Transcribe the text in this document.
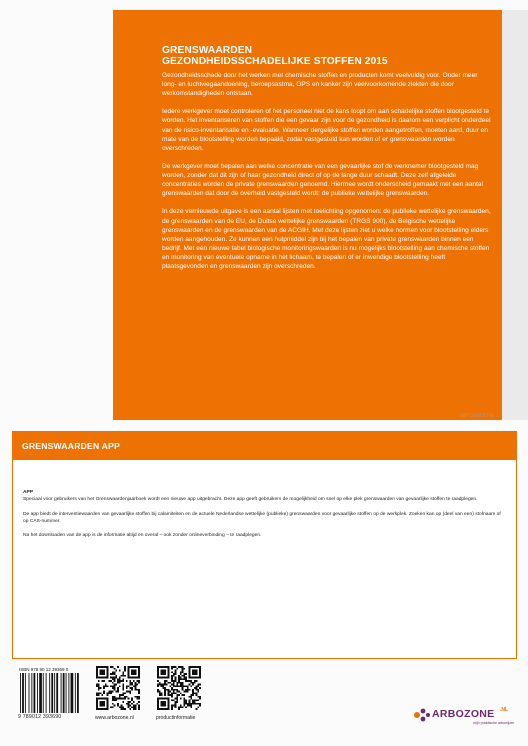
GRENSWAARDEN
GEZONDHEIDSSCHADELIJKE STOFFEN 2015

Gezondheidsschade door het werken met chemische stoffen en producten komt veelvuldig voor. Onder meer long- en luchtwegaandoening, beroepsastma, OPS en kanker zijn veelvoorkomende ziekten die door werkomstandigheden ontstaan.

Iedere werkgever moet controleren of het personeel niet de kans loopt om aan schadelijke stoffen blootgesteld te worden. Het inventariseren van stoffen die een gevaar zijn voor de gezondheid is daarom een verplicht onderdeel van de risico-inventarisatie en -evaluatie. Wanneer dergelijke stoffen worden aangetroffen, moeten aard, duur en mate van de blootstelling worden bepaald, zodat vastgesteld kan worden of er grenswaarden worden overschreden.

De werkgever moet bepalen aan welke concentratie van een gevaarlijke stof de werknemer blootgesteld mag worden, zonder dat dit zijn of haar gezondheid direct of op de lange duur schaadt. Deze zelf afgeleide concentraties worden de private grenswaarden genoemd. Hiermee wordt onderscheid gemaakt met een aantal grenswaarden dat door de overheid vastgesteld wordt: de publieke wettelijke grenswaarden.

In deze vernieuwde uitgave is een aantal lijsten met toelichting opgenomen: de publieke wettelijke grenswaarden, de grenswaarden van de EU, de Duitse wettelijke grenswaarden (TRGS 900), de Belgische wettelijke grenswaarden en de grenswaarden van de ACGIH. Met deze lijsten ziet u welke normen voor blootstelling elders worden aangehouden. Ze kunnen een hulpmiddel zijn bij het bepalen van private grenswaarden binnen een bedrijf. Met een nieuwe tabel biologische monitoringswaarden is nu mogelijks blootstelling aan chemische stoffen en monitoring van eventuele opname in het lichaam, te bepalen of er inwendige blootstelling heeft plaatsgevonden en grenswaarden zijn overschreden.

ARBO
INFORMATIE
GRENSWAARDEN APP
APP
Speciaal voor gebruikers van het Grenswaardenjaarboek wordt een nieuwe app uitgebracht. Deze app geeft gebruikers de mogelijkheid om snel op elke plek grenswaarden van gevaarlijke stoffen te raadplegen.
De app biedt de interventiewaarden van gevaarlijke stoffen bij calamiteiten en de actuele Nederlandse wettelijke (publieke) grenswaarden voor gevaarlijke stoffen op de werkplek. Zoeken kan op (deel van een) stofnaam of op CAS-nummer.
Na het downloaden van de app is de informatie altijd en overal – ook zonder onlineverbinding – te raadplegen.
ISBN 978 90 12 39369 0
9 789012 393690	www.arbozone.nl	productinformatie	ARBOZONE .NL
mijn praktische arbowijzer
